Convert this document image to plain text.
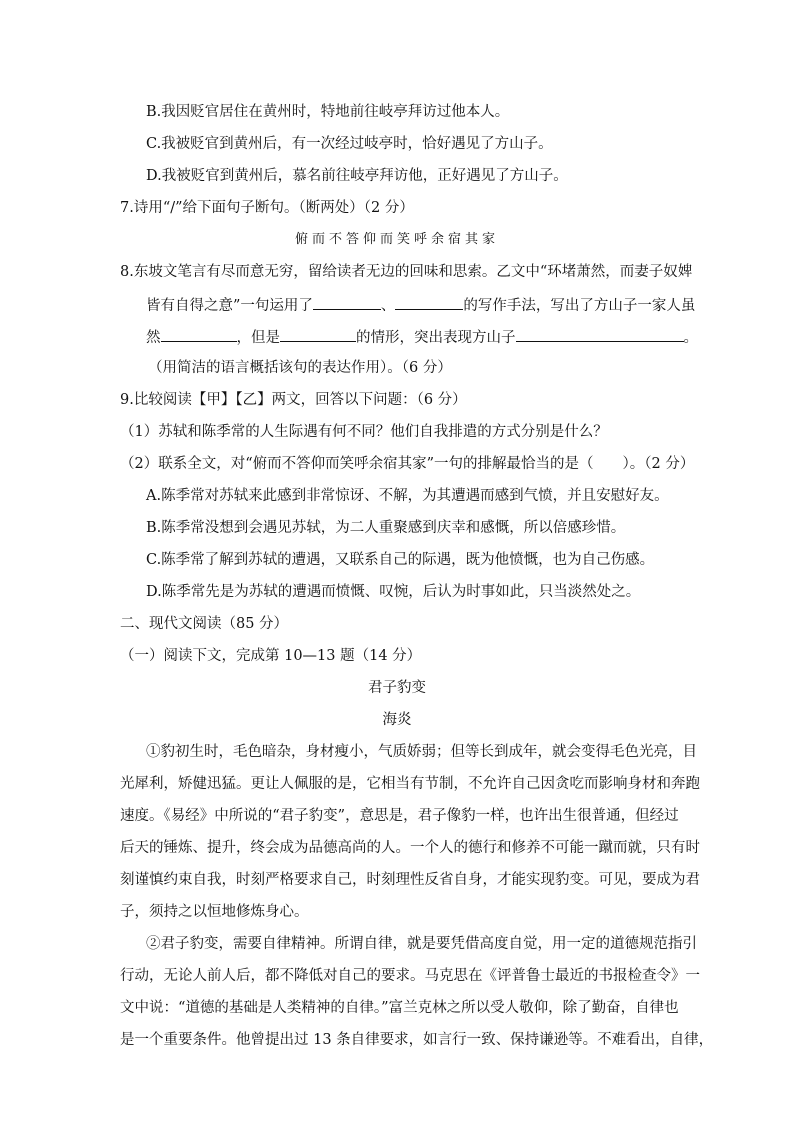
B.我因贬官居住在黄州时，特地前往岐亭拜访过他本人。
C.我被贬官到黄州后，有一次经过岐亭时，恰好遇见了方山子。
D.我被贬官到黄州后，慕名前往岐亭拜访他，正好遇见了方山子。
7.诗用“/”给下面句子断句。（断两处）（2 分）
俯而不答仰而笑呼余宿其家
8.东坡文笔言有尽而意无穷，留给读者无边的回味和思索。乙文中“环堵萧然，而妻子奴婢
皆有自得之意”一句运用了	、	的写作手法，写出了方山子一家人虽
然	，但是	的情形，突出表现方山子	。
（用简洁的语言概括该句的表达作用）。（6 分）
9.比较阅读【甲】【乙】两文，回答以下问题：（6 分）
（1）苏轼和陈季常的人生际遇有何不同？他们自我排遣的方式分别是什么？
（2）联系全文，对“俯而不答仰而笑呼余宿其家”一句的排解最恰当的是（　　）。（2 分）
A.陈季常对苏轼来此感到非常惊讶、不解，为其遭遇而感到气愤，并且安慰好友。
B.陈季常没想到会遇见苏轼，为二人重聚感到庆幸和感慨，所以倍感珍惜。
C.陈季常了解到苏轼的遭遇，又联系自己的际遇，既为他愤慨，也为自己伤感。
D.陈季常先是为苏轼的遭遇而愤慨、叹惋，后认为时事如此，只当淡然处之。
二、现代文阅读（85 分）
（一）阅读下文，完成第 10—13 题（14 分）
君子豹变
海炎
①豹初生时，毛色暗杂，身材瘦小，气质娇弱；但等长到成年，就会变得毛色光亮，目
光犀利，矫健迅猛。更让人佩服的是，它相当有节制，不允许自己因贪吃而影响身材和奔跑
速度。《易经》中所说的“君子豹变”，意思是，君子像豹一样，也许出生很普通，但经过
后天的锤炼、提升，终会成为品德高尚的人。一个人的德行和修养不可能一蹴而就，只有时
刻谨慎约束自我，时刻严格要求自己，时刻理性反省自身，才能实现豹变。可见，要成为君
子，须持之以恒地修炼身心。
②君子豹变，需要自律精神。所谓自律，就是要凭借高度自觉，用一定的道德规范指引
行动，无论人前人后，都不降低对自己的要求。马克思在《评普鲁士最近的书报检查令》一
文中说：“道德的基础是人类精神的自律。”富兰克林之所以受人敬仰，除了勤奋，自律也
是一个重要条件。他曾提出过 13 条自律要求，如言行一致、保持谦逊等。不难看出，自律，
